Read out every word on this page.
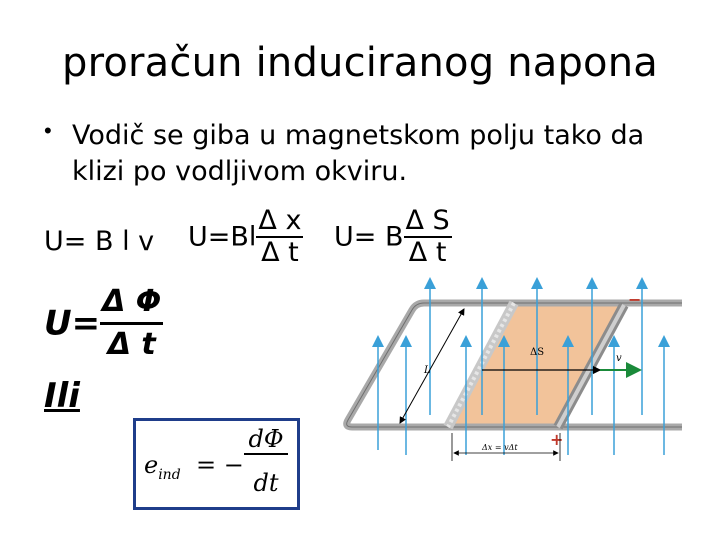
proračun induciranog napona
• Vodič se giba u magnetskom polju tako da klizi po vodljivom okviru.
U= B l v $U=Bl \frac{\text{Δ x}}{\text{Δ t}} U= B \frac{\text{Δ S}}{\text{Δ t}}$
$U= \frac{\text{Δ Φ}}{\text{Δ t}}$
Ili
$e_{ind}$ = −
dΦ
dt
L
ΔS
v
−
+
Δx = vΔt
